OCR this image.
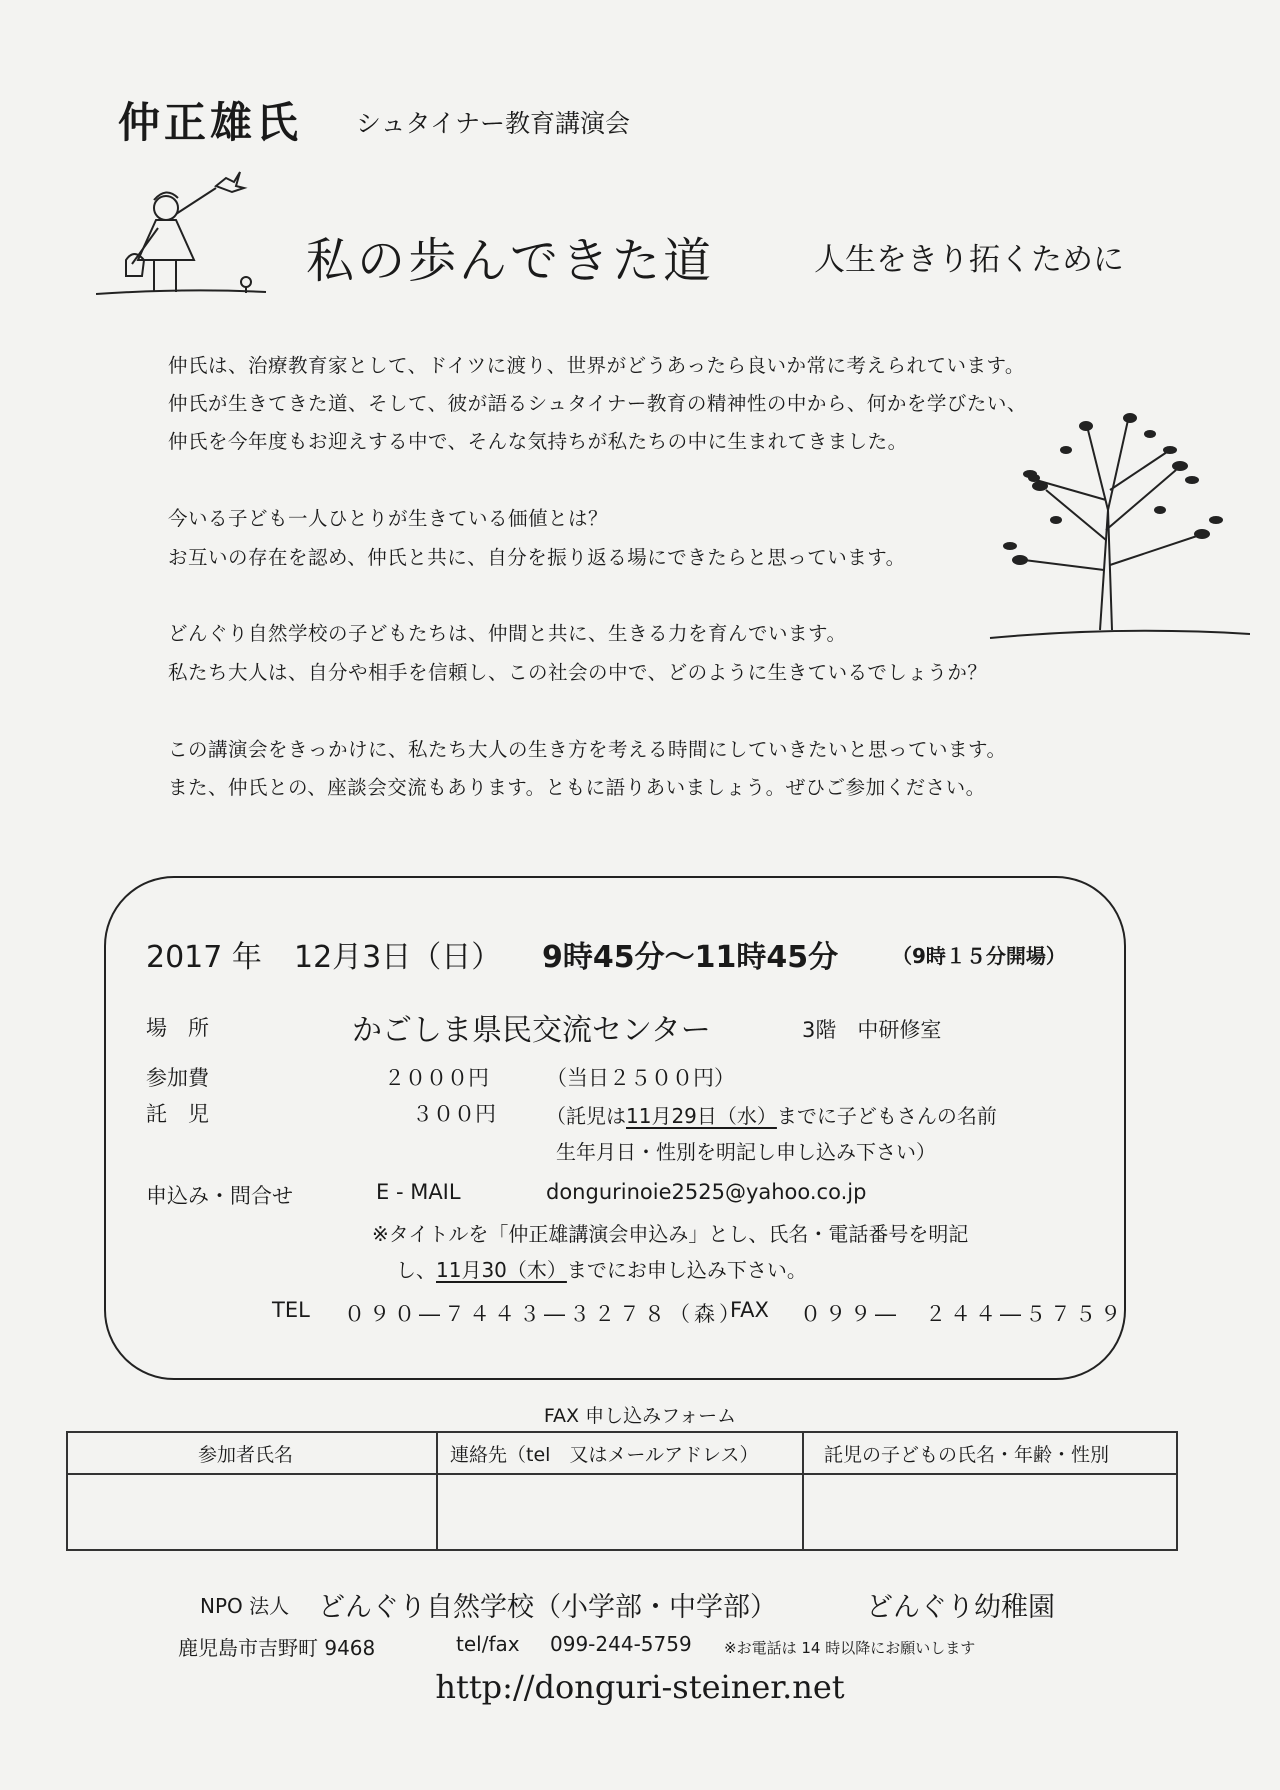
仲正雄氏 シュタイナー教育講演会
私の歩んできた道	人生をきり拓くために
仲氏は、治療教育家として、ドイツに渡り、世界がどうあったら良いか常に考えられています。
仲氏が生きてきた道、そして、彼が語るシュタイナー教育の精神性の中から、何かを学びたい、
仲氏を今年度もお迎えする中で、そんな気持ちが私たちの中に生まれてきました。
今いる子ども一人ひとりが生きている価値とは？
お互いの存在を認め、仲氏と共に、自分を振り返る場にできたらと思っています。
どんぐり自然学校の子どもたちは、仲間と共に、生きる力を育んでいます。
私たち大人は、自分や相手を信頼し、この社会の中で、どのように生きているでしょうか？
この講演会をきっかけに、私たち大人の生き方を考える時間にしていきたいと思っています。
また、仲氏との、座談会交流もあります。ともに語りあいましょう。ぜひご参加ください。
2017 年 12月3日（日） 9時45分～11時45分	（9時１５分開場）
場　所	かごしま県民交流センター	3階　中研修室
参加費	２０００円	（当日２５００円）
託　児	３００円	（託児は11月29日（水）までに子どもさんの名前
生年月日・性別を明記し申し込み下さい）
申込み・問合せ	E - MAIL	dongurinoie2525@yahoo.co.jp
※タイトルを「仲正雄講演会申込み」とし、氏名・電話番号を明記
し、11月30（木）までにお申し込み下さい。
TEL ０９０―７４４３―３２７８（森）
FAX ０９９―　２４４―５７５９
FAX 申し込みフォーム
参加者氏名	連絡先（tel　又はメールアドレス）	託児の子どもの氏名・年齢・性別

NPO 法人 どんぐり自然学校（小学部・中学部）	どんぐり幼稚園
鹿児島市吉野町 9468	tel/fax 099-244-5759 ※お電話は 14 時以降にお願いします
http://donguri-steiner.net
